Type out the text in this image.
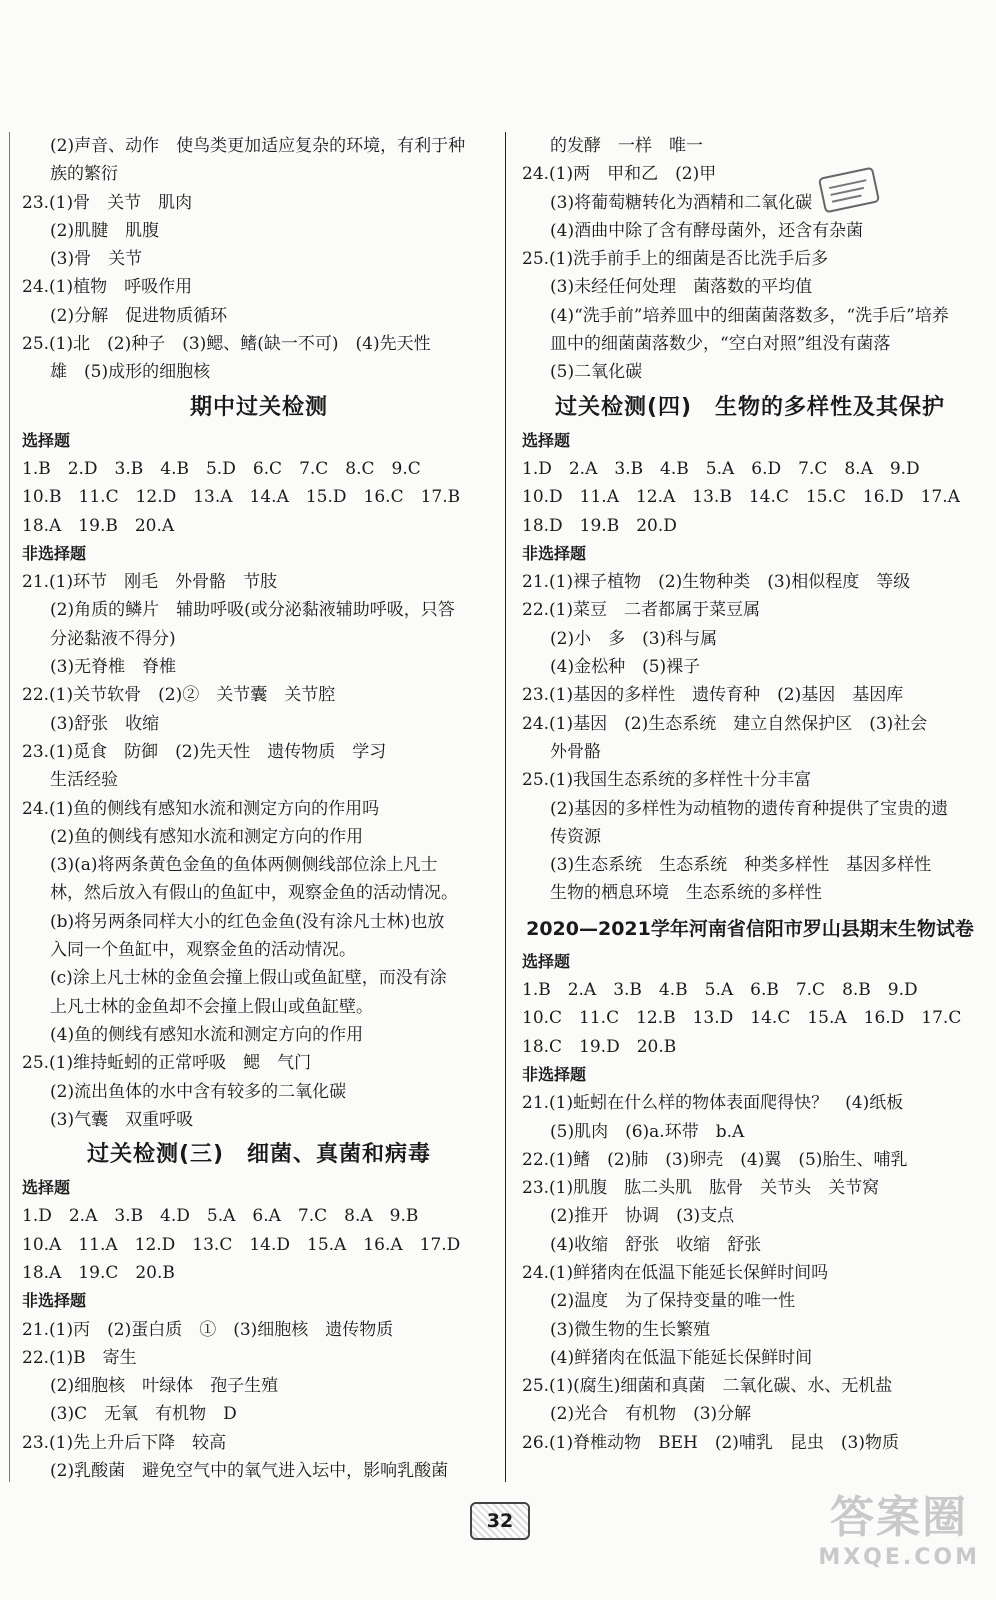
(2)声音、动作　使鸟类更加适应复杂的环境，有利于种
族的繁衍
23.(1)骨　关节　肌肉
(2)肌腱　肌腹
(3)骨　关节
24.(1)植物　呼吸作用
(2)分解　促进物质循环
25.(1)北　(2)种子　(3)鳃、鳍(缺一不可)　(4)先天性
雄　(5)成形的细胞核
期中过关检测
选择题
1.B　2.D　3.B　4.B　5.D　6.C　7.C　8.C　9.C
10.B　11.C　12.D　13.A　14.A　15.D　16.C　17.B
18.A　19.B　20.A
非选择题
21.(1)环节　刚毛　外骨骼　节肢
(2)角质的鳞片　辅助呼吸(或分泌黏液辅助呼吸，只答
分泌黏液不得分)
(3)无脊椎　脊椎
22.(1)关节软骨　(2)②　关节囊　关节腔
(3)舒张　收缩
23.(1)觅食　防御　(2)先天性　遗传物质　学习
生活经验
24.(1)鱼的侧线有感知水流和测定方向的作用吗
(2)鱼的侧线有感知水流和测定方向的作用
(3)(a)将两条黄色金鱼的鱼体两侧侧线部位涂上凡士
林，然后放入有假山的鱼缸中，观察金鱼的活动情况。
(b)将另两条同样大小的红色金鱼(没有涂凡士林)也放
入同一个鱼缸中，观察金鱼的活动情况。
(c)涂上凡士林的金鱼会撞上假山或鱼缸壁，而没有涂
上凡士林的金鱼却不会撞上假山或鱼缸壁。
(4)鱼的侧线有感知水流和测定方向的作用
25.(1)维持蚯蚓的正常呼吸　鳃　气门
(2)流出鱼体的水中含有较多的二氧化碳
(3)气囊　双重呼吸
过关检测(三)　细菌、真菌和病毒
选择题
1.D　2.A　3.B　4.D　5.A　6.A　7.C　8.A　9.B
10.A　11.A　12.D　13.C　14.D　15.A　16.A　17.D
18.A　19.C　20.B
非选择题
21.(1)丙　(2)蛋白质　①　(3)细胞核　遗传物质
22.(1)B　寄生
(2)细胞核　叶绿体　孢子生殖
(3)C　无氧　有机物　D
23.(1)先上升后下降　较高
(2)乳酸菌　避免空气中的氧气进入坛中，影响乳酸菌
的发酵　一样　唯一
24.(1)两　甲和乙　(2)甲
(3)将葡萄糖转化为酒精和二氧化碳
(4)酒曲中除了含有酵母菌外，还含有杂菌
25.(1)洗手前手上的细菌是否比洗手后多
(3)未经任何处理　菌落数的平均值
(4)“洗手前”培养皿中的细菌菌落数多，“洗手后”培养
皿中的细菌菌落数少，“空白对照”组没有菌落
(5)二氧化碳
过关检测(四)　生物的多样性及其保护
选择题
1.D　2.A　3.B　4.B　5.A　6.D　7.C　8.A　9.D
10.D　11.A　12.A　13.B　14.C　15.C　16.D　17.A
18.D　19.B　20.D
非选择题
21.(1)裸子植物　(2)生物种类　(3)相似程度　等级
22.(1)菜豆　二者都属于菜豆属
(2)小　多　(3)科与属
(4)金松种　(5)裸子
23.(1)基因的多样性　遗传育种　(2)基因　基因库
24.(1)基因　(2)生态系统　建立自然保护区　(3)社会
外骨骼
25.(1)我国生态系统的多样性十分丰富
(2)基因的多样性为动植物的遗传育种提供了宝贵的遗
传资源
(3)生态系统　生态系统　种类多样性　基因多样性
生物的栖息环境　生态系统的多样性
2020—2021学年河南省信阳市罗山县期末生物试卷
选择题
1.B　2.A　3.B　4.B　5.A　6.B　7.C　8.B　9.D
10.C　11.C　12.B　13.D　14.C　15.A　16.D　17.C
18.C　19.D　20.B
非选择题
21.(1)蚯蚓在什么样的物体表面爬得快？　(4)纸板
(5)肌肉　(6)a.环带　b.A
22.(1)鳍　(2)肺　(3)卵壳　(4)翼　(5)胎生、哺乳
23.(1)肌腹　肱二头肌　肱骨　关节头　关节窝
(2)推开　协调　(3)支点
(4)收缩　舒张　收缩　舒张
24.(1)鲜猪肉在低温下能延长保鲜时间吗
(2)温度　为了保持变量的唯一性
(3)微生物的生长繁殖
(4)鲜猪肉在低温下能延长保鲜时间
25.(1)(腐生)细菌和真菌　二氧化碳、水、无机盐
(2)光合　有机物　(3)分解
26.(1)脊椎动物　BEH　(2)哺乳　昆虫　(3)物质
32	答案圈
MXQE.COM
